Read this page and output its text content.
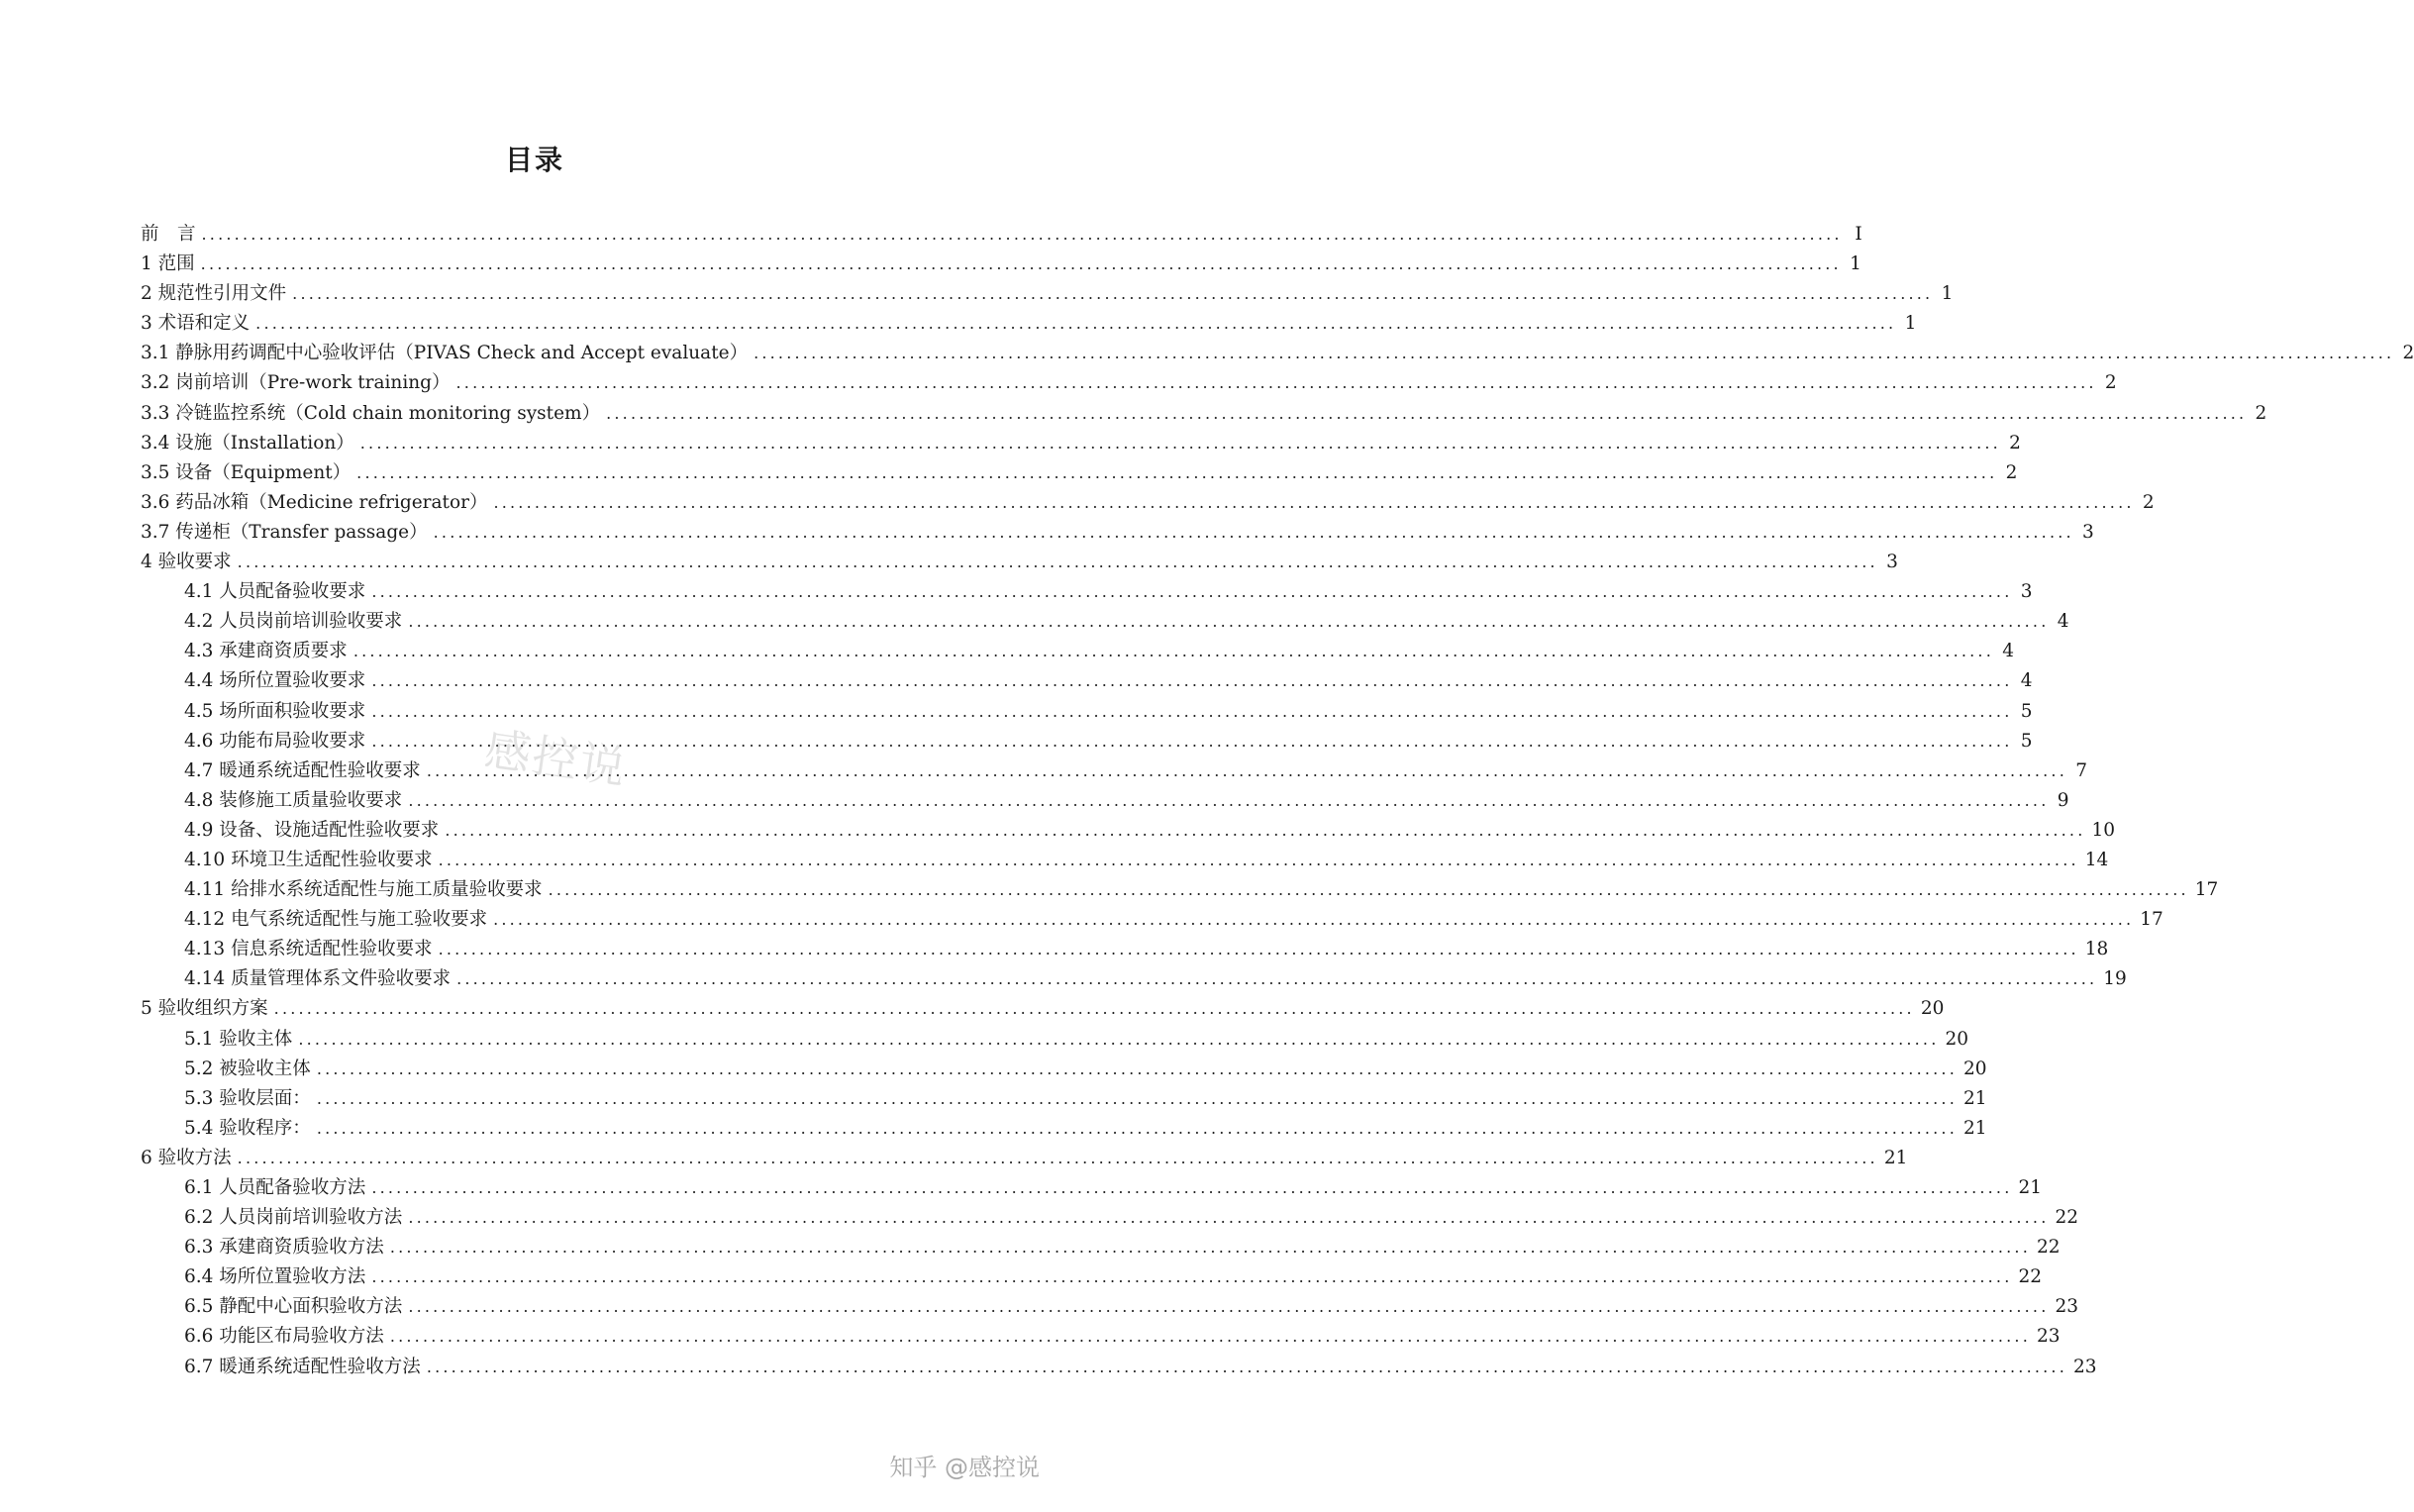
目录
前　言 ........................................................................................................................................................................................................ I
1 范围 ........................................................................................................................................................................................................ 1
2 规范性引用文件 ........................................................................................................................................................................................................ 1
3 术语和定义 ........................................................................................................................................................................................................ 1
3.1 静脉用药调配中心验收评估（PIVAS Check and Accept evaluate） ........................................................................................................................................................................................................ 2
3.2 岗前培训（Pre-work training） ........................................................................................................................................................................................................ 2
3.3 冷链监控系统（Cold chain monitoring system） ........................................................................................................................................................................................................ 2
3.4 设施（Installation） ........................................................................................................................................................................................................ 2
3.5 设备（Equipment） ........................................................................................................................................................................................................ 2
3.6 药品冰箱（Medicine refrigerator） ........................................................................................................................................................................................................ 2
3.7 传递柜（Transfer passage） ........................................................................................................................................................................................................ 3
4 验收要求 ........................................................................................................................................................................................................ 3
4.1 人员配备验收要求 ........................................................................................................................................................................................................ 3
4.2 人员岗前培训验收要求 ........................................................................................................................................................................................................ 4
4.3 承建商资质要求 ........................................................................................................................................................................................................ 4
4.4 场所位置验收要求 ........................................................................................................................................................................................................ 4
4.5 场所面积验收要求 ........................................................................................................................................................................................................ 5
4.6 功能布局验收要求 ........................................................................................................................................................................................................ 5
4.7 暖通系统适配性验收要求 ........................................................................................................................................................................................................ 7
4.8 装修施工质量验收要求 ........................................................................................................................................................................................................ 9
4.9 设备、设施适配性验收要求 ........................................................................................................................................................................................................ 10
4.10 环境卫生适配性验收要求 ........................................................................................................................................................................................................ 14
4.11 给排水系统适配性与施工质量验收要求 ........................................................................................................................................................................................................ 17
4.12 电气系统适配性与施工验收要求 ........................................................................................................................................................................................................ 17
4.13 信息系统适配性验收要求 ........................................................................................................................................................................................................ 18
4.14 质量管理体系文件验收要求 ........................................................................................................................................................................................................ 19
5 验收组织方案 ........................................................................................................................................................................................................ 20
5.1 验收主体 ........................................................................................................................................................................................................ 20
5.2 被验收主体 ........................................................................................................................................................................................................ 20
5.3 验收层面： ........................................................................................................................................................................................................ 21
5.4 验收程序： ........................................................................................................................................................................................................ 21
6 验收方法 ........................................................................................................................................................................................................ 21
6.1 人员配备验收方法 ........................................................................................................................................................................................................ 21
6.2 人员岗前培训验收方法 ........................................................................................................................................................................................................ 22
6.3 承建商资质验收方法 ........................................................................................................................................................................................................ 22
6.4 场所位置验收方法 ........................................................................................................................................................................................................ 22
6.5 静配中心面积验收方法 ........................................................................................................................................................................................................ 23
6.6 功能区布局验收方法 ........................................................................................................................................................................................................ 23
6.7 暖通系统适配性验收方法 ........................................................................................................................................................................................................ 23
感控说
知乎 @感控说
